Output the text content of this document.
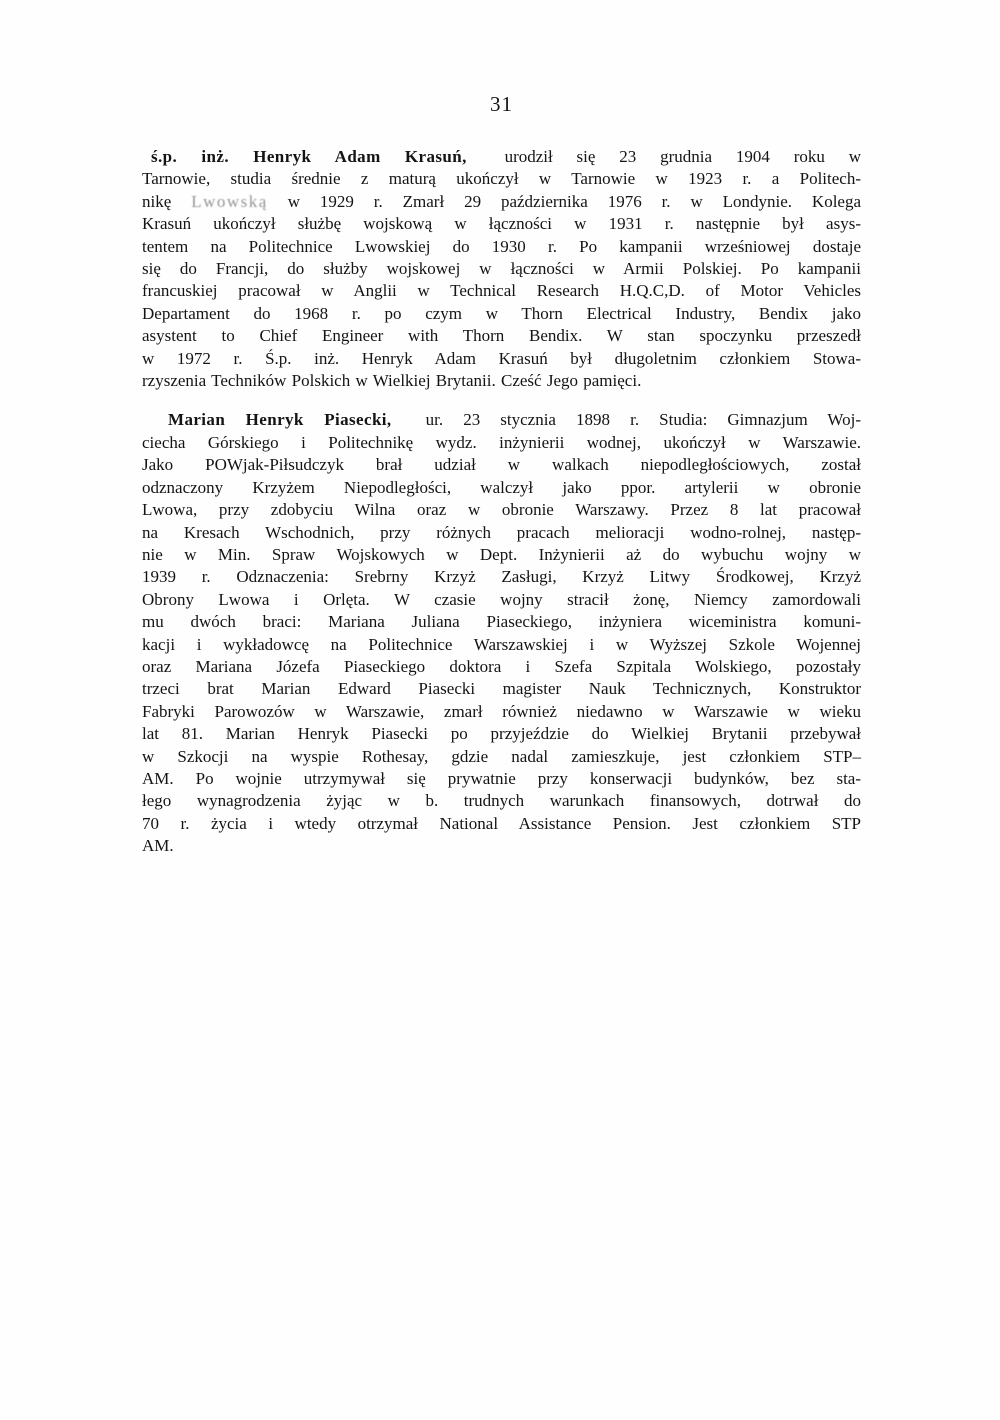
31

ś.p. inż. Henryk Adam Krasuń, urodził się 23 grudnia 1904 roku w
Tarnowie, studia średnie z maturą ukończył w Tarnowie w 1923 r. a Politech-
nikę Lwowską w 1929 r. Zmarł 29 października 1976 r. w Londynie. Kolega
Krasuń ukończył służbę wojskową w łączności w 1931 r. następnie był asys-
tentem na Politechnice Lwowskiej do 1930 r. Po kampanii wrześniowej dostaje
się do Francji, do służby wojskowej w łączności w Armii Polskiej. Po kampanii
francuskiej pracował w Anglii w Technical Research H.Q.C,D. of Motor Vehicles
Departament do 1968 r. po czym w Thorn Electrical Industry, Bendix jako
asystent to Chief Engineer with Thorn Bendix. W stan spoczynku przeszedł
w 1972 r. Ś.p. inż. Henryk Adam Krasuń był długoletnim członkiem Stowa-
rzyszenia Techników Polskich w Wielkiej Brytanii. Cześć Jego pamięci.

Marian Henryk Piasecki, ur. 23 stycznia 1898 r. Studia: Gimnazjum Woj-
ciecha Górskiego i Politechnikę wydz. inżynierii wodnej, ukończył w Warszawie.
Jako POWjak-Piłsudczyk brał udział w walkach niepodległościowych, został
odznaczony Krzyżem Niepodległości, walczył jako ppor. artylerii w obronie
Lwowa, przy zdobyciu Wilna oraz w obronie Warszawy. Przez 8 lat pracował
na Kresach Wschodnich, przy różnych pracach melioracji wodno-rolnej, następ-
nie w Min. Spraw Wojskowych w Dept. Inżynierii aż do wybuchu wojny w
1939 r. Odznaczenia: Srebrny Krzyż Zasługi, Krzyż Litwy Środkowej, Krzyż
Obrony Lwowa i Orlęta. W czasie wojny stracił żonę, Niemcy zamordowali
mu dwóch braci: Mariana Juliana Piaseckiego, inżyniera wiceministra komuni-
kacji i wykładowcę na Politechnice Warszawskiej i w Wyższej Szkole Wojennej
oraz Mariana Józefa Piaseckiego doktora i Szefa Szpitala Wolskiego, pozostały
trzeci brat Marian Edward Piasecki magister Nauk Technicznych, Konstruktor
Fabryki Parowozów w Warszawie, zmarł również niedawno w Warszawie w wieku
lat 81. Marian Henryk Piasecki po przyjeździe do Wielkiej Brytanii przebywał
w Szkocji na wyspie Rothesay, gdzie nadal zamieszkuje, jest członkiem STP–
AM. Po wojnie utrzymywał się prywatnie przy konserwacji budynków, bez sta-
łego wynagrodzenia żyjąc w b. trudnych warunkach finansowych, dotrwał do
70 r. życia i wtedy otrzymał National Assistance Pension. Jest członkiem STP
AM.
